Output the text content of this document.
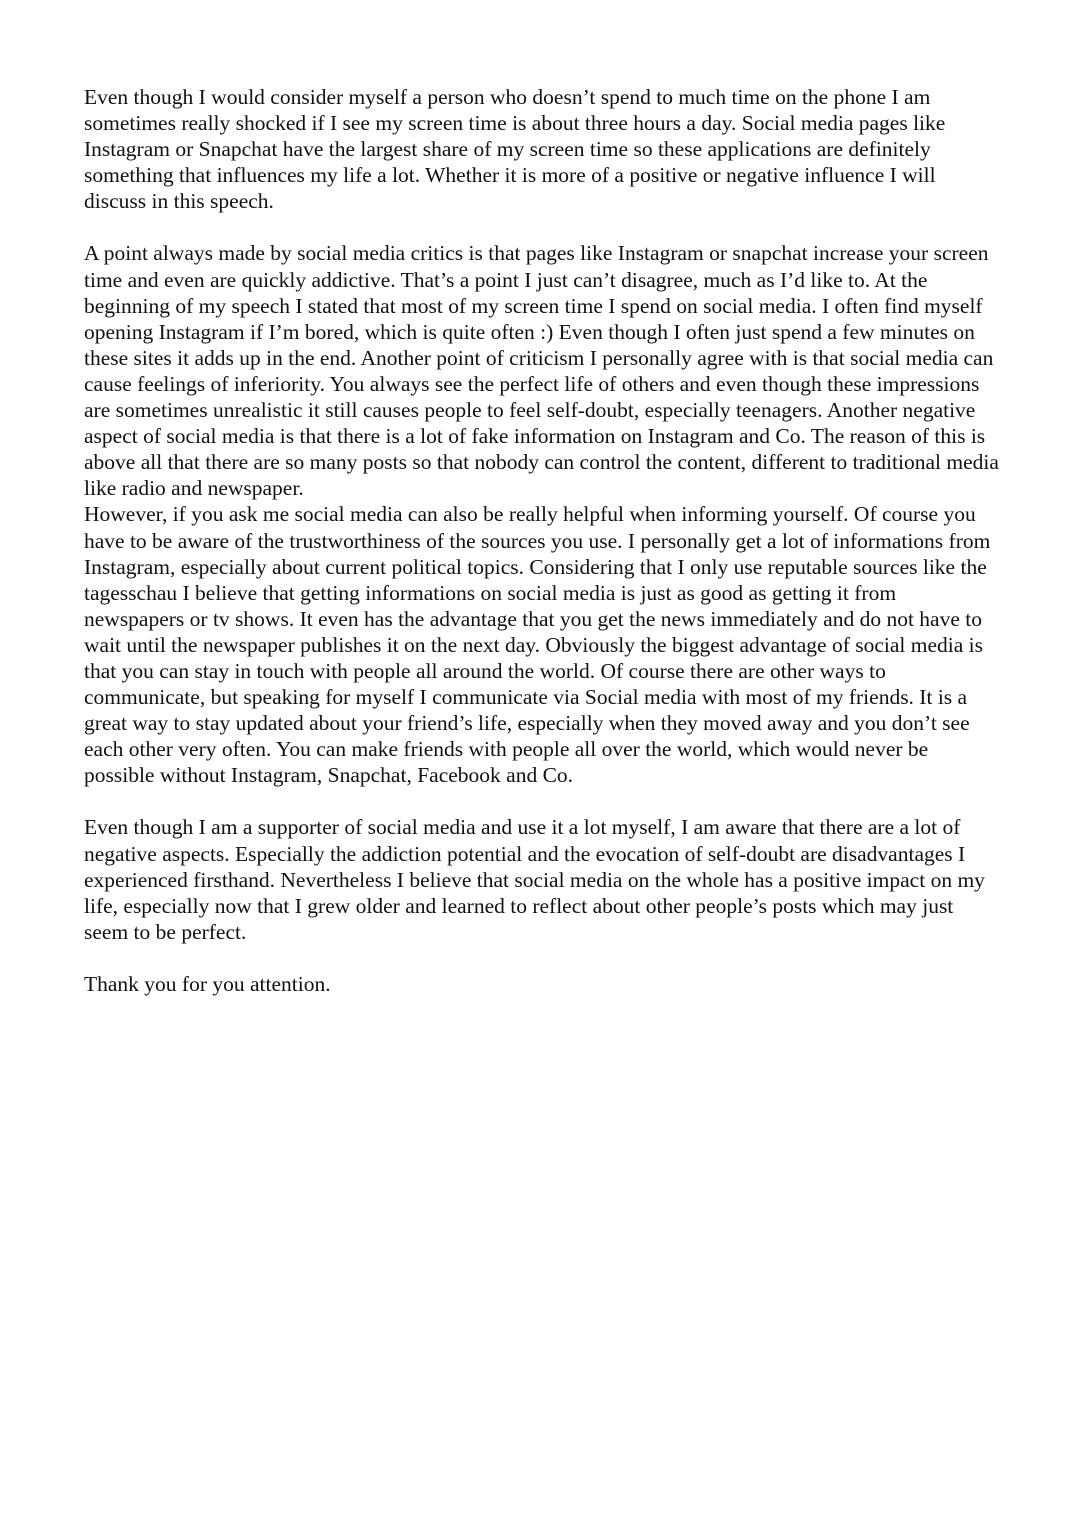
Even though I would consider myself a person who doesn’t spend to much time on the phone I am sometimes really shocked if I see my screen time is about three hours a day. Social media pages like Instagram or Snapchat have the largest share of my screen time so these applications are definitely something that influences my life a lot. Whether it is more of a positive or negative influence I will discuss in this speech.

A point always made by social media critics is that pages like Instagram or snapchat increase your screen time and even are quickly addictive. That’s a point I just can’t disagree, much as I’d like to. At the beginning of my speech I stated that most of my screen time I spend on social media. I often find myself opening Instagram if I’m bored, which is quite often :) Even though I often just spend a few minutes on these sites it adds up in the end. Another point of criticism I personally agree with is that social media can cause feelings of inferiority. You always see the perfect life of others and even though these impressions are sometimes unrealistic it still causes people to feel self-doubt, especially teenagers. Another negative aspect of social media is that there is a lot of fake information on Instagram and Co. The reason of this is above all that there are so many posts so that nobody can control the content, different to traditional media like radio and newspaper.

However, if you ask me social media can also be really helpful when informing yourself. Of course you have to be aware of the trustworthiness of the sources you use. I personally get a lot of informations from Instagram, especially about current political topics. Considering that I only use reputable sources like the tagesschau I believe that getting informations on social media is just as good as getting it from newspapers or tv shows. It even has the advantage that you get the news immediately and do not have to wait until the newspaper publishes it on the next day. Obviously the biggest advantage of social media is that you can stay in touch with people all around the world. Of course there are other ways to communicate, but speaking for myself I communicate via Social media with most of my friends. It is a great way to stay updated about your friend’s life, especially when they moved away and you don’t see each other very often. You can make friends with people all over the world, which would never be possible without Instagram, Snapchat, Facebook and Co.

Even though I am a supporter of social media and use it a lot myself, I am aware that there are a lot of negative aspects. Especially the addiction potential and the evocation of self-doubt are disadvantages I experienced firsthand. Nevertheless I believe that social media on the whole has a positive impact on my life, especially now that I grew older and learned to reflect about other people’s posts which may just seem to be perfect.

Thank you for you attention.
